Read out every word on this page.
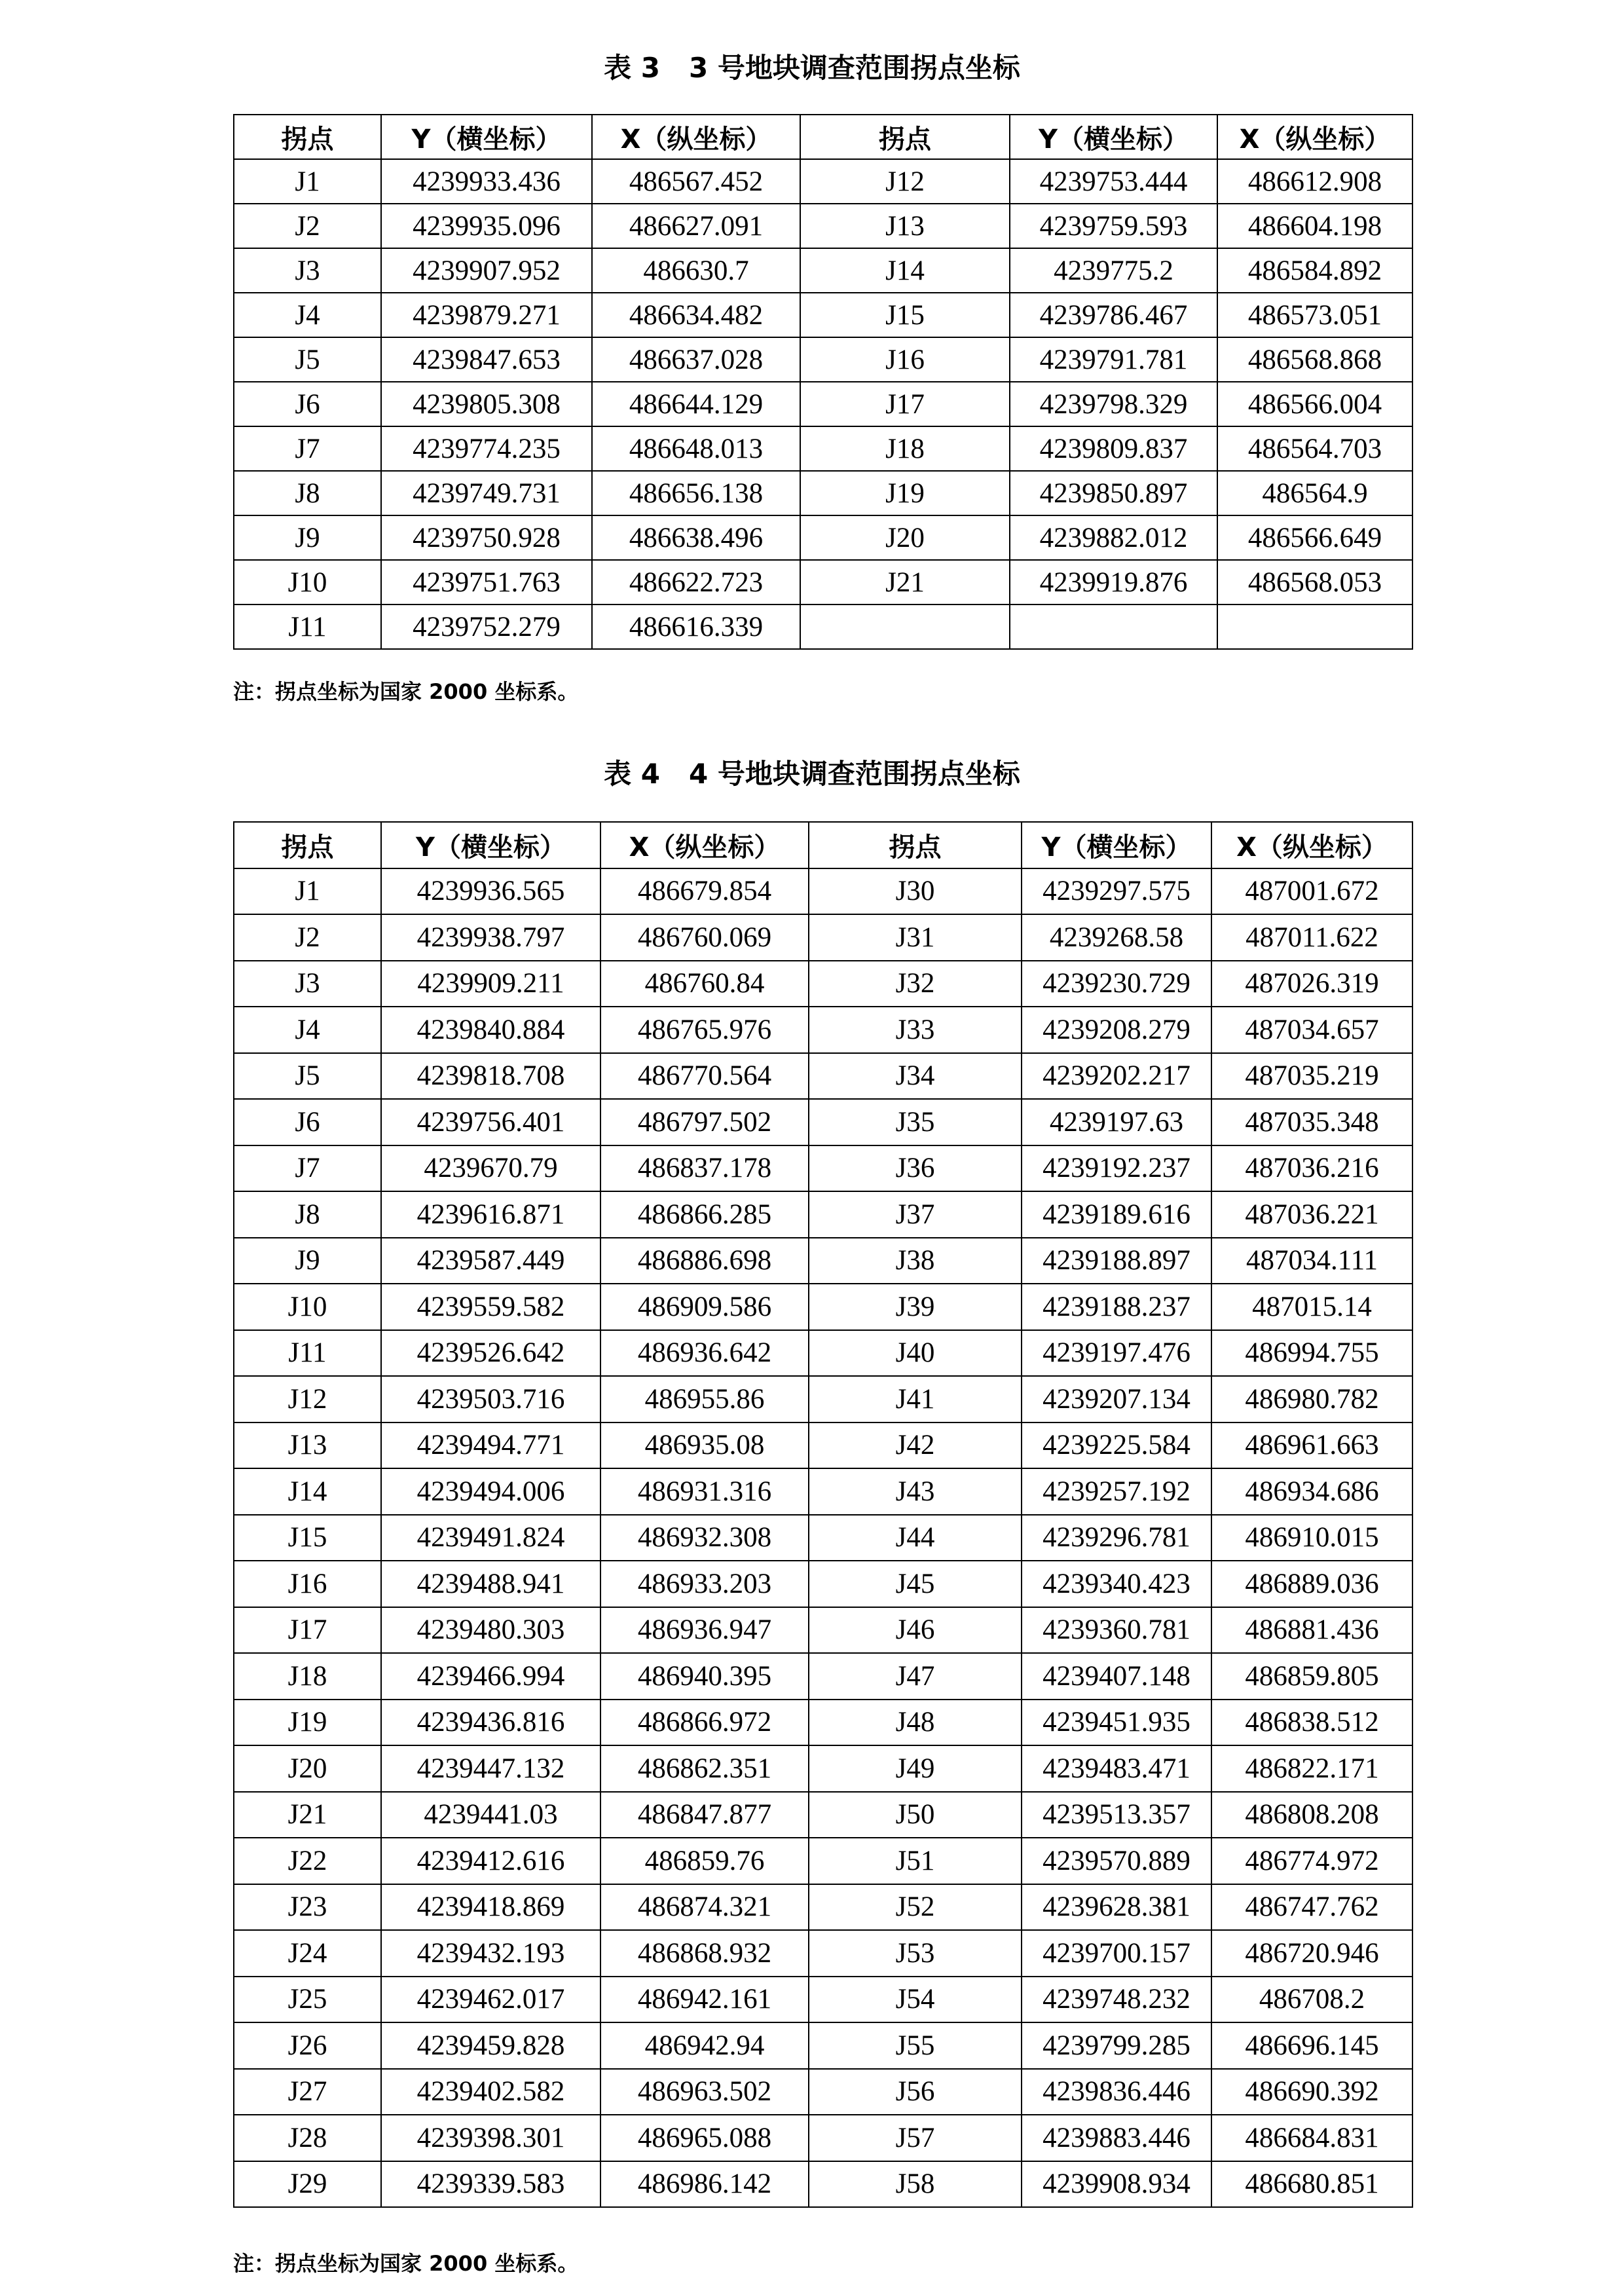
表 3 3 号地块调查范围拐点坐标
拐点	Y（横坐标）	X（纵坐标）	拐点	Y（横坐标）	X（纵坐标）
J1	4239933.436	486567.452	J12	4239753.444	486612.908
J2	4239935.096	486627.091	J13	4239759.593	486604.198
J3	4239907.952	486630.7	J14	4239775.2	486584.892
J4	4239879.271	486634.482	J15	4239786.467	486573.051
J5	4239847.653	486637.028	J16	4239791.781	486568.868
J6	4239805.308	486644.129	J17	4239798.329	486566.004
J7	4239774.235	486648.013	J18	4239809.837	486564.703
J8	4239749.731	486656.138	J19	4239850.897	486564.9
J9	4239750.928	486638.496	J20	4239882.012	486566.649
J10	4239751.763	486622.723	J21	4239919.876	486568.053
J11	4239752.279	486616.339			
注：拐点坐标为国家 2000 坐标系。
表 4 4 号地块调查范围拐点坐标
拐点	Y（横坐标）	X（纵坐标）	拐点	Y（横坐标）	X（纵坐标）
J1	4239936.565	486679.854	J30	4239297.575	487001.672
J2	4239938.797	486760.069	J31	4239268.58	487011.622
J3	4239909.211	486760.84	J32	4239230.729	487026.319
J4	4239840.884	486765.976	J33	4239208.279	487034.657
J5	4239818.708	486770.564	J34	4239202.217	487035.219
J6	4239756.401	486797.502	J35	4239197.63	487035.348
J7	4239670.79	486837.178	J36	4239192.237	487036.216
J8	4239616.871	486866.285	J37	4239189.616	487036.221
J9	4239587.449	486886.698	J38	4239188.897	487034.111
J10	4239559.582	486909.586	J39	4239188.237	487015.14
J11	4239526.642	486936.642	J40	4239197.476	486994.755
J12	4239503.716	486955.86	J41	4239207.134	486980.782
J13	4239494.771	486935.08	J42	4239225.584	486961.663
J14	4239494.006	486931.316	J43	4239257.192	486934.686
J15	4239491.824	486932.308	J44	4239296.781	486910.015
J16	4239488.941	486933.203	J45	4239340.423	486889.036
J17	4239480.303	486936.947	J46	4239360.781	486881.436
J18	4239466.994	486940.395	J47	4239407.148	486859.805
J19	4239436.816	486866.972	J48	4239451.935	486838.512
J20	4239447.132	486862.351	J49	4239483.471	486822.171
J21	4239441.03	486847.877	J50	4239513.357	486808.208
J22	4239412.616	486859.76	J51	4239570.889	486774.972
J23	4239418.869	486874.321	J52	4239628.381	486747.762
J24	4239432.193	486868.932	J53	4239700.157	486720.946
J25	4239462.017	486942.161	J54	4239748.232	486708.2
J26	4239459.828	486942.94	J55	4239799.285	486696.145
J27	4239402.582	486963.502	J56	4239836.446	486690.392
J28	4239398.301	486965.088	J57	4239883.446	486684.831
J29	4239339.583	486986.142	J58	4239908.934	486680.851
注：拐点坐标为国家 2000 坐标系。
